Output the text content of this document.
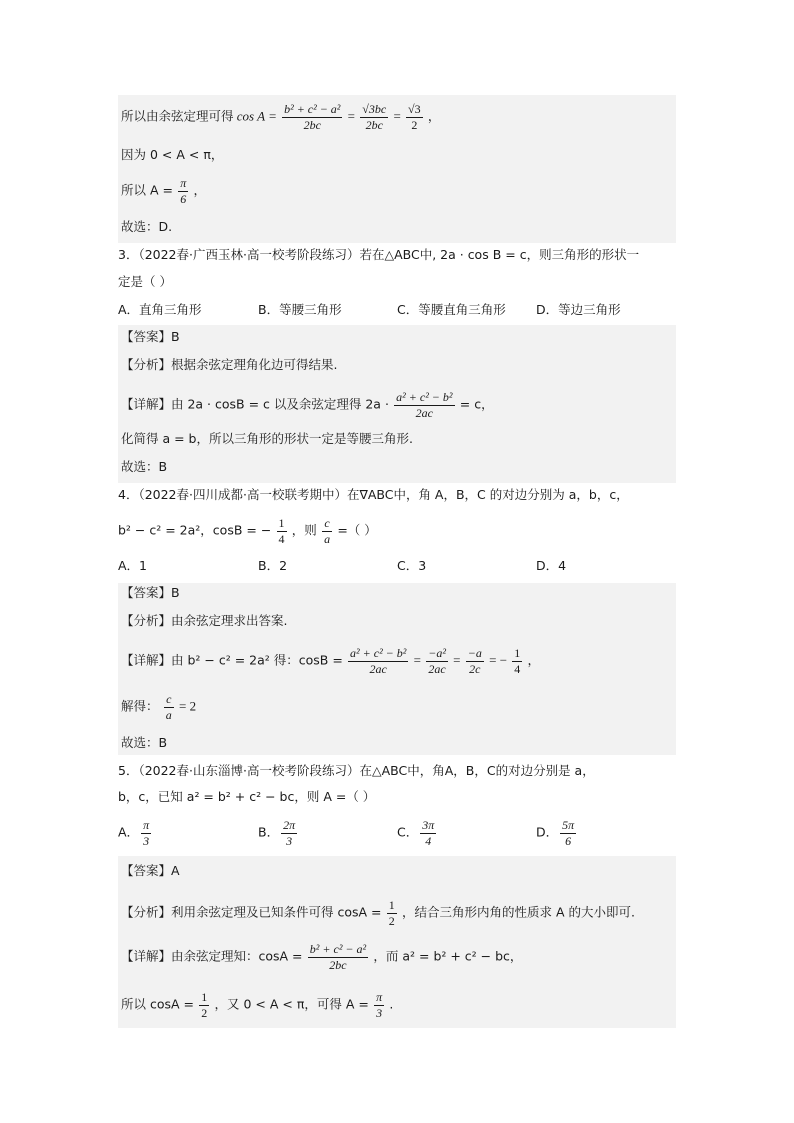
所以由余弦定理可得 $\cos A = \frac{\text{b² + c² − a²}}{2bc} = \frac{√3bc}{2bc} = \frac{√3}{2}$ ，
因为 0 < A < π，
所以 $A = \frac{\pi}{6}$ ，
故选：D.
3．（2022春·广西玉林·高一校考阶段练习）若在△ABC中, 2a · cos B = c，则三角形的形状一
定是（ ）
A．直角三角形	B．等腰三角形	C．等腰直角三角形 D．等边三角形
【答案】B
【分析】根据余弦定理角化边可得结果.
【详解】由 2a · cosB = c 以及余弦定理得 $2a \cdot \frac{\text{a² + c² − b²}}{2ac} = c$，
化简得 a = b，所以三角形的形状一定是等腰三角形.
故选：B
4．（2022春·四川成都·高一校联考期中）在∇ABC中，角 A，B，C 的对边分别为 a，b，c，
b² − c² = 2a²，cosB = − $\frac{1}{4}$ ，则 $\frac{c}{a}$ =（ ）
A．1	B．2	C．3	D．4
【答案】B
【分析】由余弦定理求出答案.
【详解】由 b² − c² = 2a² 得：$\cos B = \frac{\text{a² + c² − b²}}{2ac} = \frac{\text{−a²}}{2ac} = \frac{-a}{2c}$ = − $\frac{1}{4}$ ，
解得： $\frac{c}{a} = 2$
故选：B
5．（2022春·山东淄博·高一校考阶段练习）在△ABC中，角A，B，C的对边分别是 a，
b，c，已知 a² = b² + c² − bc，则 A =（ ）
A． $\frac{\pi}{3}$	B． $\frac{2\pi}{3}$	C． $\frac{3\pi}{4}$	D． $\frac{5\pi}{6}$
【答案】A
【分析】利用余弦定理及已知条件可得 $\cos A = \frac{1}{2}$ ，结合三角形内角的性质求 A 的大小即可.
【详解】由余弦定理知：$\cos A = \frac{\text{b² + c² − a²}}{2bc}$ ，而 a² = b² + c² − bc，
所以 $\cos A = \frac{1}{2}$ ，又 0 < A < π，可得 $A = \frac{\pi}{3}$ .
